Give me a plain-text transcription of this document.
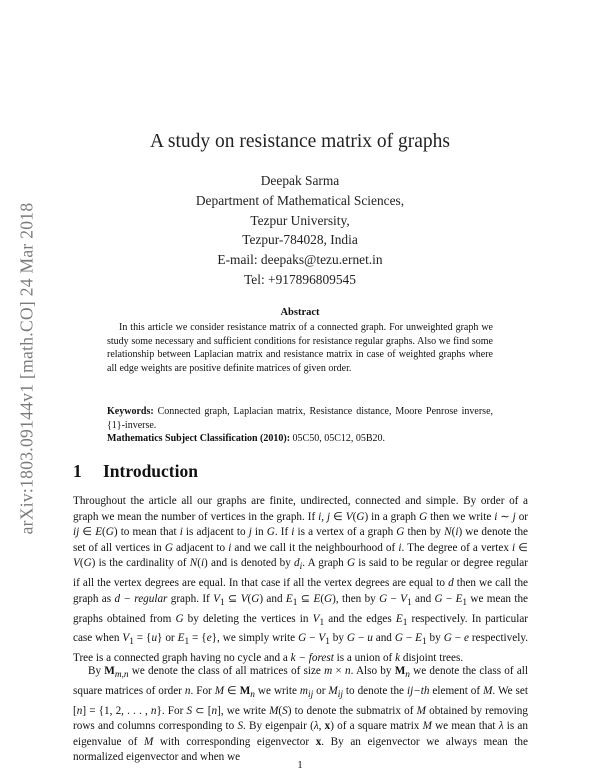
arXiv:1803.09144v1 [math.CO] 24 Mar 2018
A study on resistance matrix of graphs
Deepak Sarma
Department of Mathematical Sciences,
Tezpur University,
Tezpur-784028, India
E-mail: deepaks@tezu.ernet.in
Tel: +917896809545
Abstract

In this article we consider resistance matrix of a connected graph. For unweighted graph we study some necessary and sufficient conditions for resistance regular graphs. Also we find some relationship between Laplacian matrix and resistance matrix in case of weighted graphs where all edge weights are positive definite matrices of given order.

Keywords: Connected graph, Laplacian matrix, Resistance distance, Moore Penrose inverse, {1}-inverse.

Mathematics Subject Classification (2010): 05C50, 05C12, 05B20.

1 Introduction

Throughout the article all our graphs are finite, undirected, connected and simple. By order of a graph we mean the number of vertices in the graph. If i, j ∈ V(G) in a graph G then we write i ∼ j or ij ∈ E(G) to mean that i is adjacent to j in G. If i is a vertex of a graph G then by N(i) we denote the set of all vertices in G adjacent to i and we call it the neighbourhood of i. The degree of a vertex i ∈ V(G) is the cardinality of N(i) and is denoted by $d_i$. A graph G is said to be regular or degree regular if all the vertex degrees are equal. In that case if all the vertex degrees are equal to d then we call the graph as d − regular graph. If $V_1$ ⊆ V(G) and $E_1$ ⊆ E(G), then by $G - V_1$ and $G - E_1$ we mean the graphs obtained from G by deleting the vertices in $V_1$ and the edges $E_1$ respectively. In particular case when $V_1 = \{u\}$ or $E_1 = \{e\}$, we simply write $G - V_1$ by G − u and $G - E_1$ by G − e respectively. Tree is a connected graph having no cycle and a k − forest is a union of k disjoint trees.

By $M_{m,n}$ we denote the class of all matrices of size m × n. Also by $M_n$ we denote the class of all square matrices of order n. For M ∈ $M_n$ we write $m_{ij}$ or $M_{ij}$ to denote the ij−th element of M. We set [n] = {1, 2, . . . , n}. For S ⊂ [n], we write M(S) to denote the submatrix of M obtained by removing rows and columns corresponding to S. By eigenpair (λ, x) of a square matrix M we mean that λ is an eigenvalue of M with corresponding eigenvector x. By an eigenvector we always mean the normalized eigenvector and when we

1
